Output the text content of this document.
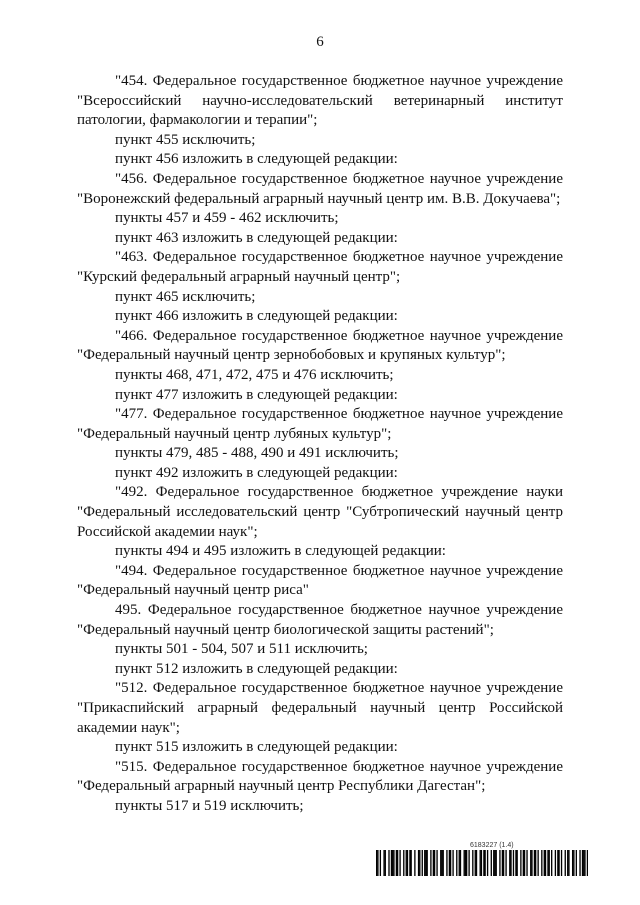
6
"454. Федеральное государственное бюджетное научное учреждение
"Всероссийский научно-исследовательский ветеринарный институт
патологии, фармакологии и терапии";
пункт 455 исключить;
пункт 456 изложить в следующей редакции:
"456. Федеральное государственное бюджетное научное учреждение
"Воронежский федеральный аграрный научный центр им. В.В. Докучаева";
пункты 457 и 459 - 462 исключить;
пункт 463 изложить в следующей редакции:
"463. Федеральное государственное бюджетное научное учреждение
"Курский федеральный аграрный научный центр";
пункт 465 исключить;
пункт 466 изложить в следующей редакции:
"466. Федеральное государственное бюджетное научное учреждение
"Федеральный научный центр зернобобовых и крупяных культур";
пункты 468, 471, 472, 475 и 476 исключить;
пункт 477 изложить в следующей редакции:
"477. Федеральное государственное бюджетное научное учреждение
"Федеральный научный центр лубяных культур";
пункты 479, 485 - 488, 490 и 491 исключить;
пункт 492 изложить в следующей редакции:
"492. Федеральное государственное бюджетное учреждение науки
"Федеральный исследовательский центр "Субтропический научный центр
Российской академии наук";
пункты 494 и 495 изложить в следующей редакции:
"494. Федеральное государственное бюджетное научное учреждение
"Федеральный научный центр риса"
495. Федеральное государственное бюджетное научное учреждение
"Федеральный научный центр биологической защиты растений";
пункты 501 - 504, 507 и 511 исключить;
пункт 512 изложить в следующей редакции:
"512. Федеральное государственное бюджетное научное учреждение
"Прикаспийский аграрный федеральный научный центр Российской
академии наук";
пункт 515 изложить в следующей редакции:
"515. Федеральное государственное бюджетное научное учреждение
"Федеральный аграрный научный центр Республики Дагестан";
пункты 517 и 519 исключить;
6183227 (1.4)
